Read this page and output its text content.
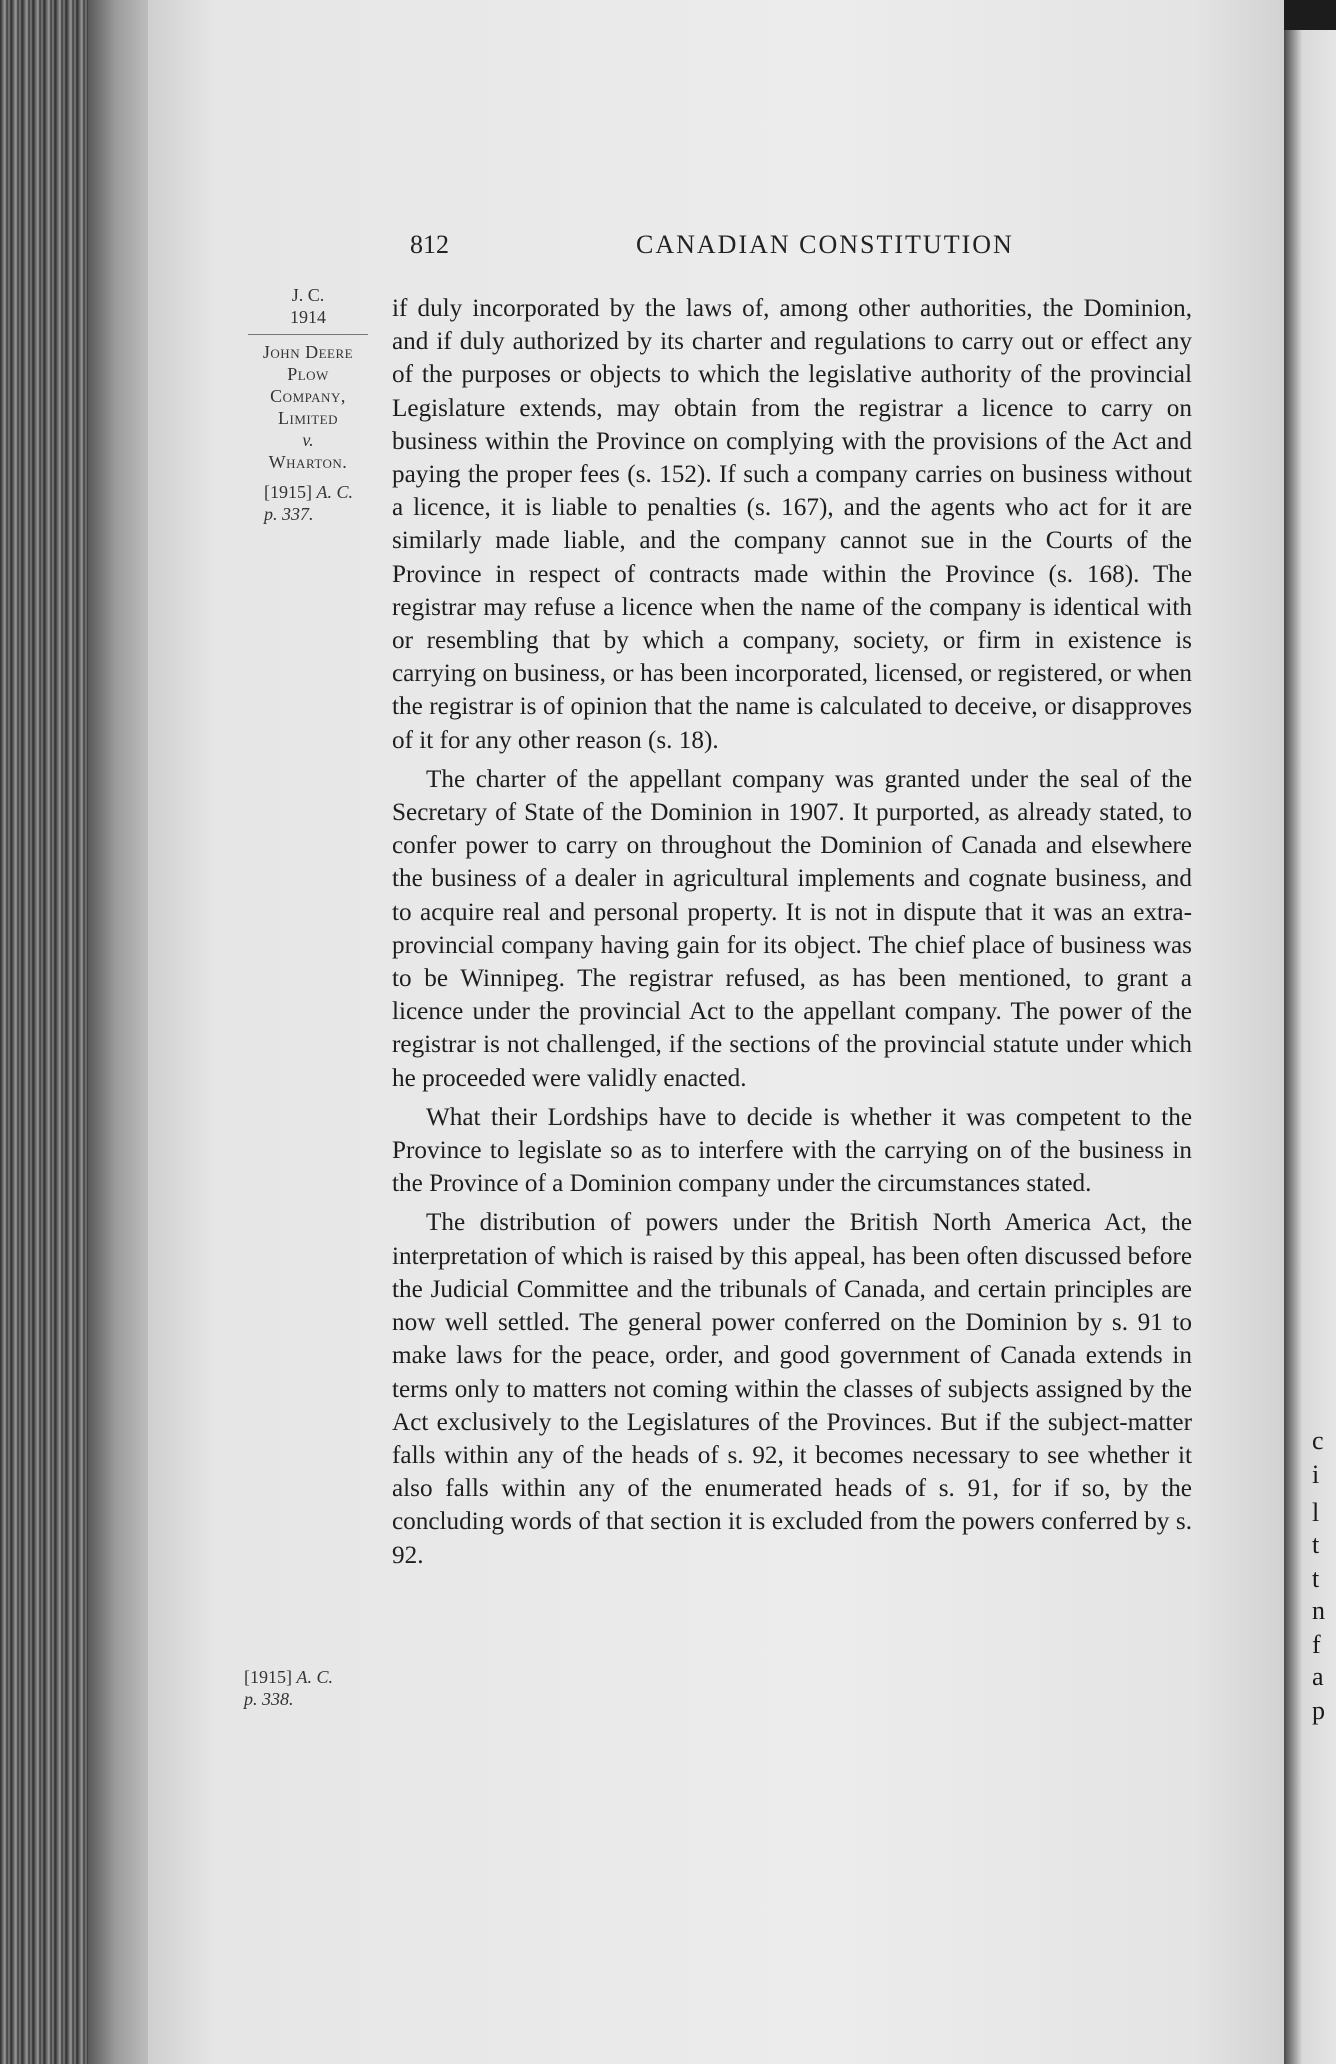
c
i
l
t
t
n
f
a
p
812	CANADIAN CONSTITUTION
J. C.
1914
John Deere
Plow
Company,
Limited
v.
Wharton.
[1915] A. C.
p. 337.
[1915] A. C.
p. 338.

if duly incorporated by the laws of, among other authorities, the Dominion, and if duly authorized by its charter and regulations to carry out or effect any of the purposes or objects to which the legislative authority of the provincial Legislature extends, may obtain from the registrar a licence to carry on business within the Province on complying with the provisions of the Act and paying the proper fees (s. 152). If such a company carries on business without a licence, it is liable to penalties (s. 167), and the agents who act for it are similarly made liable, and the company cannot sue in the Courts of the Province in respect of contracts made within the Province (s. 168). The registrar may refuse a licence when the name of the company is identical with or resembling that by which a company, society, or firm in existence is carrying on business, or has been incorporated, licensed, or registered, or when the registrar is of opinion that the name is calculated to deceive, or disapproves of it for any other reason (s. 18).

The charter of the appellant company was granted under the seal of the Secretary of State of the Dominion in 1907. It purported, as already stated, to confer power to carry on throughout the Dominion of Canada and elsewhere the business of a dealer in agricultural implements and cognate business, and to acquire real and personal property. It is not in dispute that it was an extra-provincial company having gain for its object. The chief place of business was to be Winnipeg. The registrar refused, as has been mentioned, to grant a licence under the provincial Act to the appellant company. The power of the registrar is not challenged, if the sections of the provincial statute under which he proceeded were validly enacted.

What their Lordships have to decide is whether it was competent to the Province to legislate so as to interfere with the carrying on of the business in the Province of a Dominion company under the circumstances stated.

The distribution of powers under the British North America Act, the interpretation of which is raised by this appeal, has been often discussed before the Judicial Committee and the tribunals of Canada, and certain principles are now well settled. The general power conferred on the Dominion by s. 91 to make laws for the peace, order, and good government of Canada extends in terms only to matters not coming within the classes of subjects assigned by the Act exclusively to the Legislatures of the Provinces. But if the subject-matter falls within any of the heads of s. 92, it becomes necessary to see whether it also falls within any of the enumerated heads of s. 91, for if so, by the concluding words of that section it is excluded from the powers conferred by s. 92.
